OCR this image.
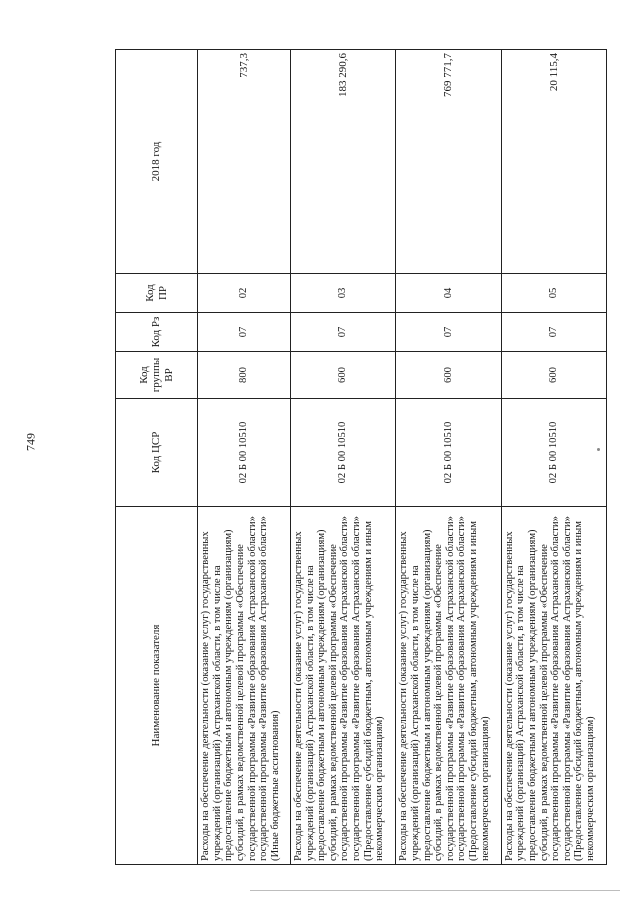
749
Наименование показателя	Код ЦСР	Код группы ВР	Код Рз	Код ПР	2018 год
Расходы на обеспечение деятельности (оказание услуг) государственных учреждений (организаций) Астраханской области, в том числе на предоставление бюджетным и автономным учреждениям (организациям) субсидий, в рамках ведомственной целевой программы «Обеспечение государственной программы «Развитие образования Астраханской области» государственной программы «Развитие образования Астраханской области» (Иные бюджетные ассигнования)	02 Б 00 10510	800	07	02	737,3
Расходы на обеспечение деятельности (оказание услуг) государственных учреждений (организаций) Астраханской области, в том числе на предоставление бюджетным и автономным учреждениям (организациям) субсидий, в рамках ведомственной целевой программы «Обеспечение государственной программы «Развитие образования Астраханской области» государственной программы «Развитие образования Астраханской области» (Предоставление субсидий бюджетным, автономным учреждениям и иным некоммерческим организациям)	02 Б 00 10510	600	07	03	183 290,6
Расходы на обеспечение деятельности (оказание услуг) государственных учреждений (организаций) Астраханской области, в том числе на предоставление бюджетным и автономным учреждениям (организациям) субсидий, в рамках ведомственной целевой программы «Обеспечение государственной программы «Развитие образования Астраханской области» государственной программы «Развитие образования Астраханской области» (Предоставление субсидий бюджетным, автономным учреждениям и иным некоммерческим организациям)	02 Б 00 10510	600	07	04	769 771,7
Расходы на обеспечение деятельности (оказание услуг) государственных учреждений (организаций) Астраханской области, в том числе на предоставление бюджетным и автономным учреждениям (организациям) субсидий, в рамках ведомственной целевой программы «Обеспечение государственной программы «Развитие образования Астраханской области» государственной программы «Развитие образования Астраханской области» (Предоставление субсидий бюджетным, автономным учреждениям и иным некоммерческим организациям)	02 Б 00 10510	600	07	05	20 115,4
